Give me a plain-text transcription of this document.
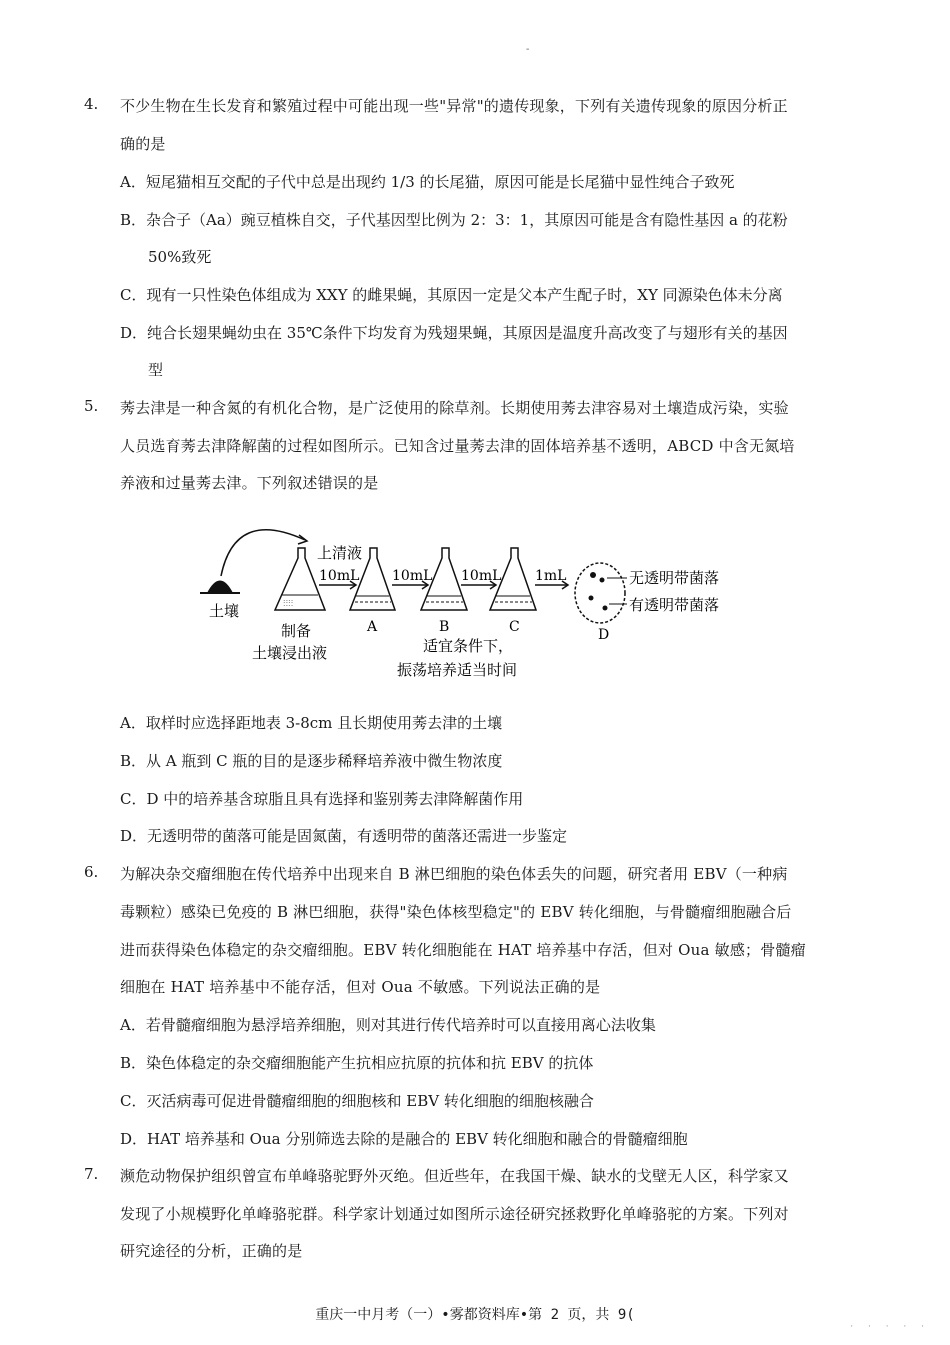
-
4. 不少生物在生长发育和繁殖过程中可能出现一些"异常"的遗传现象，下列有关遗传现象的原因分析正
确的是
A．短尾猫相互交配的子代中总是出现约 1/3 的长尾猫，原因可能是长尾猫中显性纯合子致死
B．杂合子（Aa）豌豆植株自交，子代基因型比例为 2：3：1，其原因可能是含有隐性基因 a 的花粉
50%致死
C．现有一只性染色体组成为 XXY 的雌果蝇，其原因一定是父本产生配子时，XY 同源染色体未分离
D．纯合长翅果蝇幼虫在 35℃条件下均发育为残翅果蝇，其原因是温度升高改变了与翅形有关的基因
型
5. 莠去津是一种含氮的有机化合物，是广泛使用的除草剂。长期使用莠去津容易对土壤造成污染，实验
人员选育莠去津降解菌的过程如图所示。已知含过量莠去津的固体培养基不透明，ABCD 中含无氮培
养液和过量莠去津。下列叙述错误的是
土壤	ⵗⵗⵗⵗ
制备
土壤浸出液
上清液
10mL
A
10mL
B
10mL
C
1mL	无透明带菌落
有透明带菌落
D
适宜条件下，
振荡培养适当时间
A．取样时应选择距地表 3-8cm 且长期使用莠去津的土壤
B．从 A 瓶到 C 瓶的目的是逐步稀释培养液中微生物浓度
C．D 中的培养基含琼脂且具有选择和鉴别莠去津降解菌作用
D．无透明带的菌落可能是固氮菌，有透明带的菌落还需进一步鉴定
6. 为解决杂交瘤细胞在传代培养中出现来自 B 淋巴细胞的染色体丢失的问题，研究者用 EBV（一种病
毒颗粒）感染已免疫的 B 淋巴细胞，获得"染色体核型稳定"的 EBV 转化细胞，与骨髓瘤细胞融合后
进而获得染色体稳定的杂交瘤细胞。EBV 转化细胞能在 HAT 培养基中存活，但对 Oua 敏感；骨髓瘤
细胞在 HAT 培养基中不能存活，但对 Oua 不敏感。下列说法正确的是
A．若骨髓瘤细胞为悬浮培养细胞，则对其进行传代培养时可以直接用离心法收集
B．染色体稳定的杂交瘤细胞能产生抗相应抗原的抗体和抗 EBV 的抗体
C．灭活病毒可促进骨髓瘤细胞的细胞核和 EBV 转化细胞的细胞核融合
D．HAT 培养基和 Oua 分别筛选去除的是融合的 EBV 转化细胞和融合的骨髓瘤细胞
7. 濒危动物保护组织曾宣布单峰骆驼野外灭绝。但近些年，在我国干燥、缺水的戈壁无人区，科学家又
发现了小规模野化单峰骆驼群。科学家计划通过如图所示途径研究拯救野化单峰骆驼的方案。下列对
研究途径的分析，正确的是
重庆一中月考（一）•雾都资料库•第 2 页，共 9(
· · · · ·
